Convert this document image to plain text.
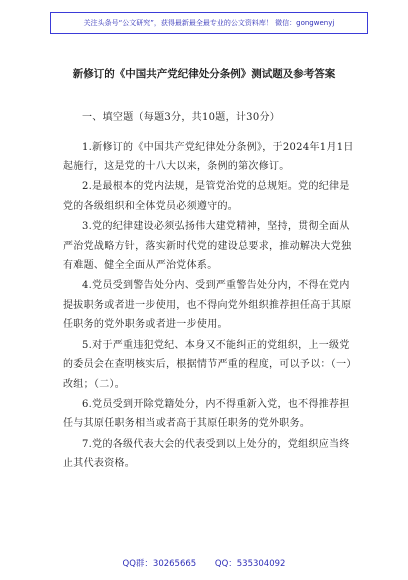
关注头条号“公文研究”，获得最新最全最专业的公文资料库！ 微信：gongwenyj
新修订的《中国共产党纪律处分条例》测试题及参考答案

一、填空题（每题3分，共10题，计30分）

1.新修订的《中国共产党纪律处分条例》，于2024年1月1日起施行，这是党的十八大以来，条例的第次修订。

2.是最根本的党内法规，是管党治党的总规矩。党的纪律是党的各级组织和全体党员必须遵守的。

3.党的纪律建设必须弘扬伟大建党精神，坚持，贯彻全面从严治党战略方针，落实新时代党的建设总要求，推动解决大党独有难题、健全全面从严治党体系。

4.党员受到警告处分内、受到严重警告处分内，不得在党内提拔职务或者进一步使用，也不得向党外组织推荐担任高于其原任职务的党外职务或者进一步使用。

5.对于严重违犯党纪、本身又不能纠正的党组织，上一级党的委员会在查明核实后，根据情节严重的程度，可以予以：（一）改组；（二）。

6.党员受到开除党籍处分，内不得重新入党，也不得推荐担任与其原任职务相当或者高于其原任职务的党外职务。

7.党的各级代表大会的代表受到以上处分的，党组织应当终止其代表资格。

QQ群：30265665 QQ：535304092
